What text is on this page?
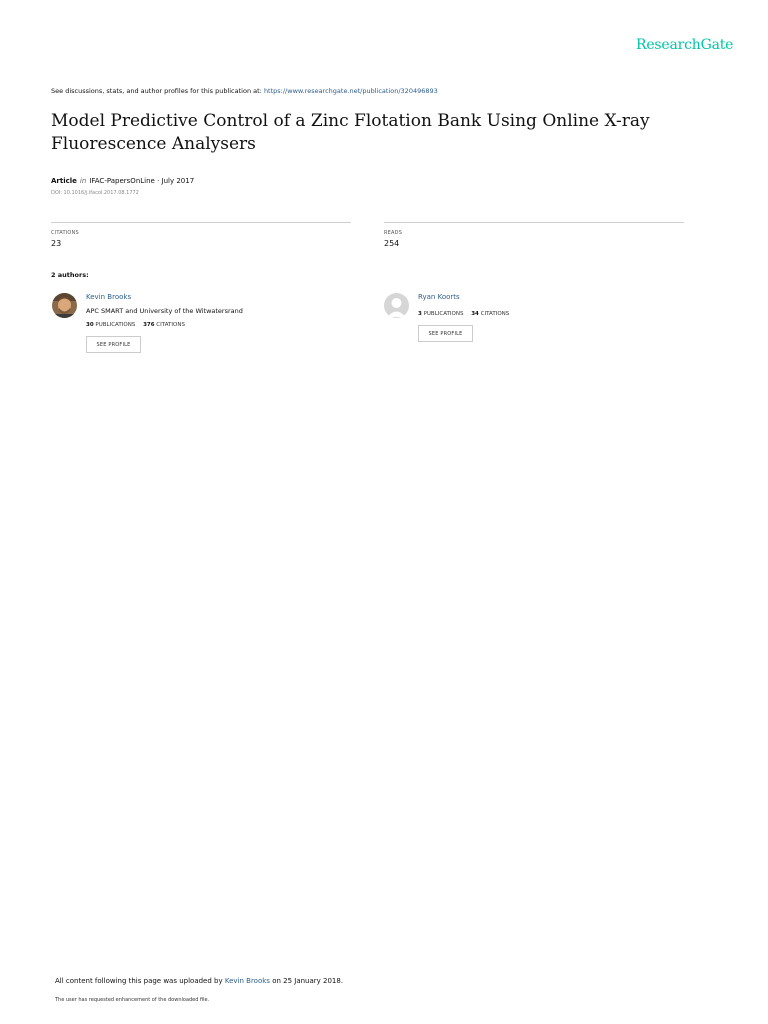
ResearchGate
See discussions, stats, and author profiles for this publication at: https://www.researchgate.net/publication/320496893
Model Predictive Control of a Zinc Flotation Bank Using Online X-ray Fluorescence Analysers
Article in IFAC-PapersOnLine · July 2017
DOI: 10.1016/j.ifacol.2017.08.1772
CITATIONS
23
READS
254
2 authors:
Kevin Brooks
APC SMART and University of the Witwatersrand
30 PUBLICATIONS 376 CITATIONS
SEE PROFILE
Ryan Koorts
3 PUBLICATIONS 34 CITATIONS
SEE PROFILE
All content following this page was uploaded by Kevin Brooks on 25 January 2018.
The user has requested enhancement of the downloaded file.
